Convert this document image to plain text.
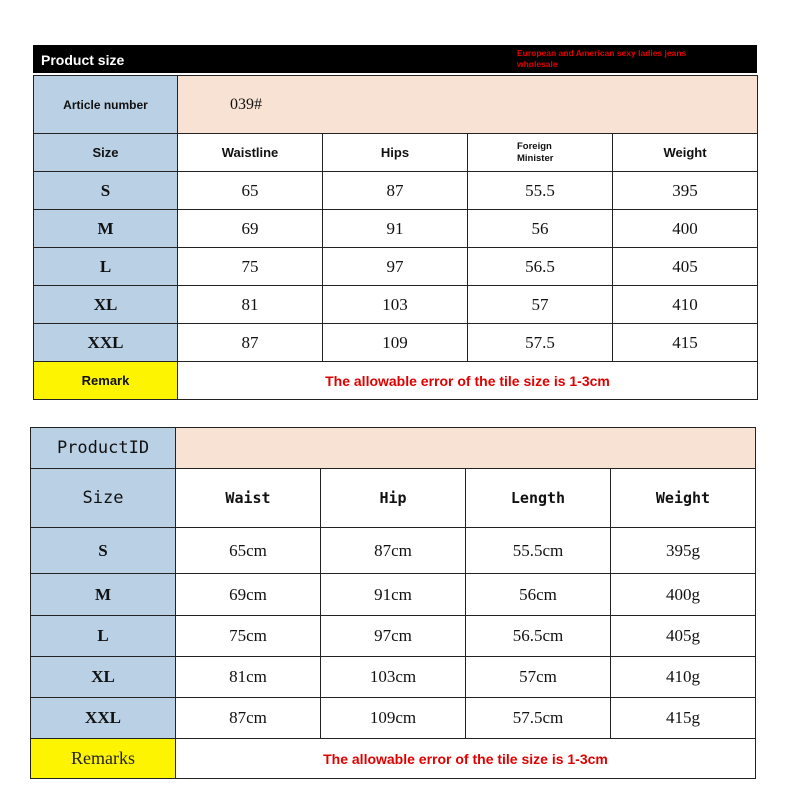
Product size	European and American sexy ladies jeans wholesale
Article number	039#			
Size	Waistline	Hips	Foreign Minister	Weight
S	65	87	55.5	395
M	69	91	56	400
L	75	97	56.5	405
XL	81	103	57	410
XXL	87	109	57.5	415
Remark	The allowable error of the tile size is 1-3cm			
ProductID				
Size	Waist	Hip	Length	Weight
S	65cm	87cm	55.5cm	395g
M	69cm	91cm	56cm	400g
L	75cm	97cm	56.5cm	405g
XL	81cm	103cm	57cm	410g
XXL	87cm	109cm	57.5cm	415g
Remarks	The allowable error of the tile size is 1-3cm			
